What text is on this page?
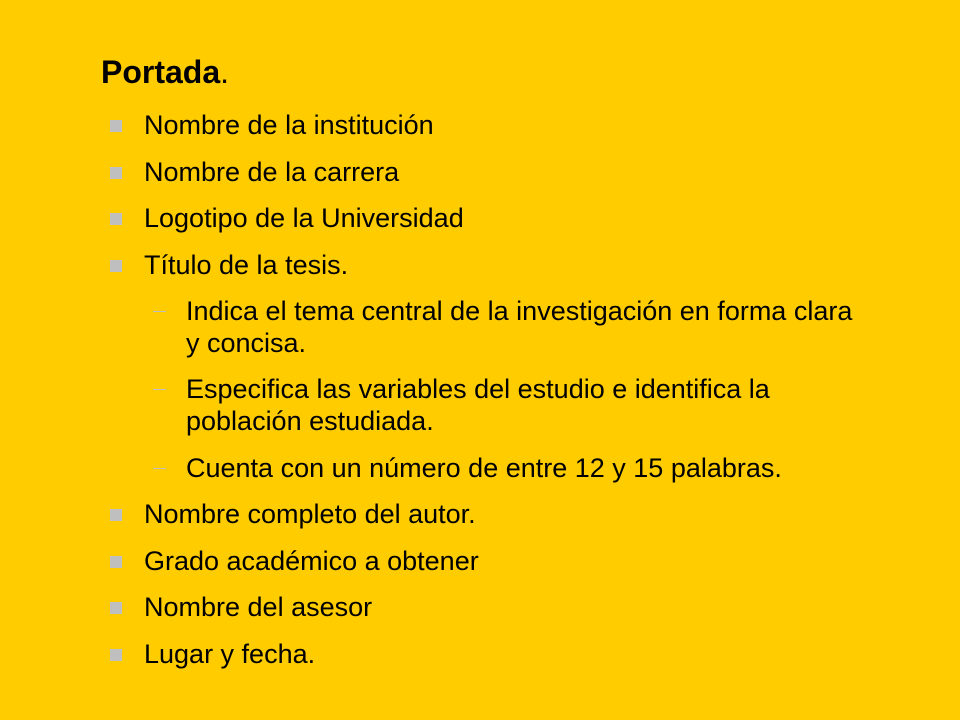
Portada.
Nombre de la institución
Nombre de la carrera
Logotipo de la Universidad
Título de la tesis.
Indica el tema central de la investigación en forma clara y concisa.
Especifica las variables del estudio e identifica la población estudiada.
Cuenta con un número de entre 12 y 15 palabras.
Nombre completo del autor.
Grado académico a obtener
Nombre del asesor
Lugar y fecha.
